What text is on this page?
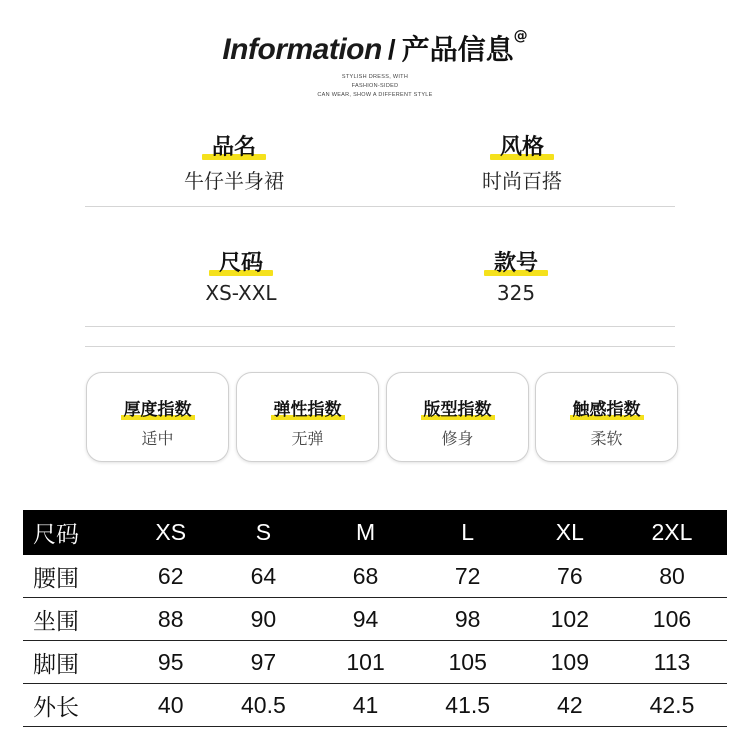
Information / 产品信息@
STYLISH DRESS, WITH
FASHION-SIDED
CAN WEAR, SHOW A DIFFERENT STYLE
品名
牛仔半身裙
风格
时尚百搭
尺码
XS-XXL
款号
325
厚度指数
适中
弹性指数
无弹
版型指数
修身
触感指数
柔软
尺码	XS	S	M	L	XL	2XL
腰围	62	64	68	72	76	80
坐围	88	90	94	98	102	106
脚围	95	97	101	105	109	113
外长	40	40.5	41	41.5	42	42.5
